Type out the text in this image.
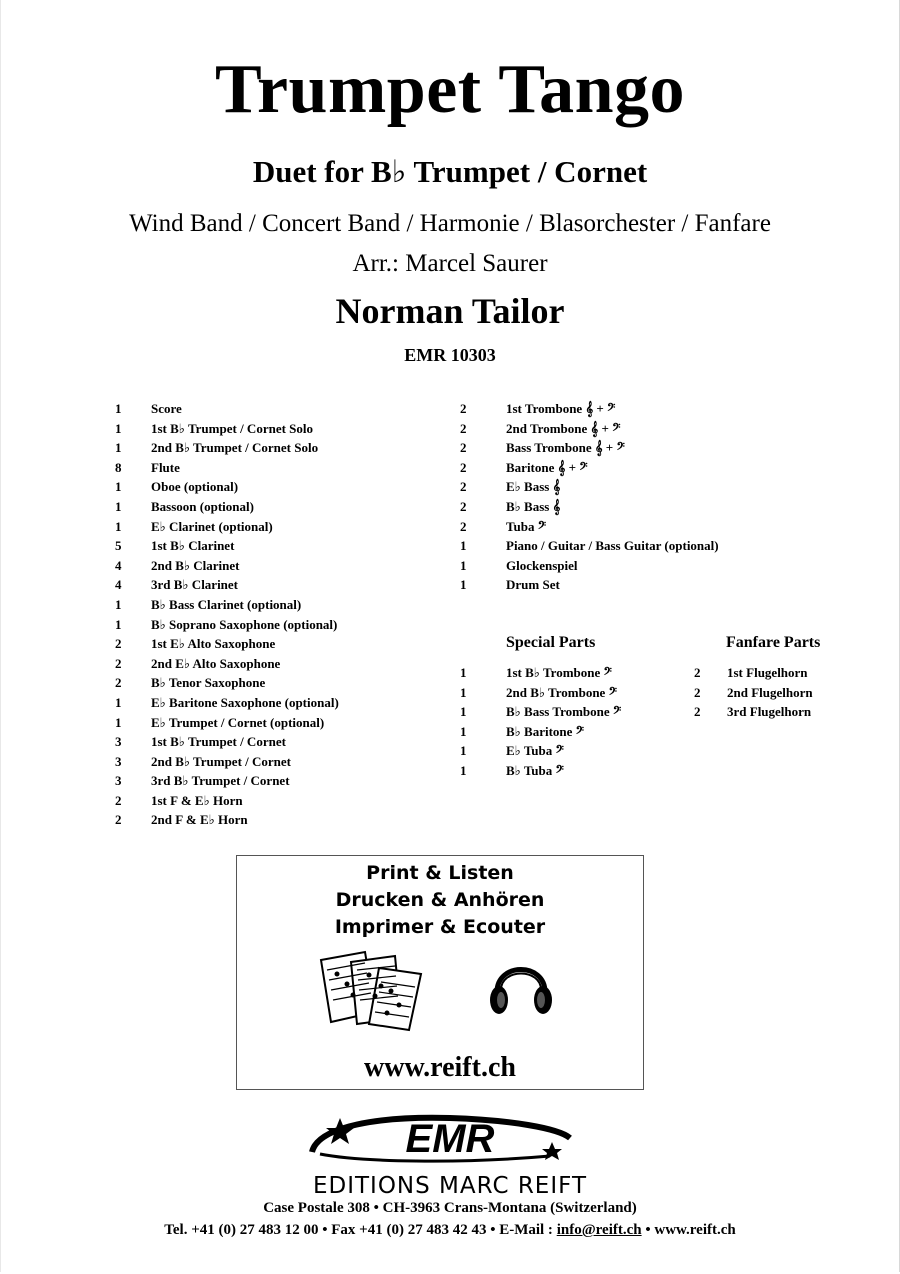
Trumpet Tango
Duet for B♭ Trumpet / Cornet
Wind Band / Concert Band / Harmonie / Blasorchester / Fanfare
Arr.: Marcel Saurer
Norman Tailor
EMR 10303
1 Score
1 1st B♭ Trumpet / Cornet Solo
1 2nd B♭ Trumpet / Cornet Solo
8 Flute
1 Oboe (optional)
1 Bassoon (optional)
1 E♭ Clarinet (optional)
5 1st B♭ Clarinet
4 2nd B♭ Clarinet
4 3rd B♭ Clarinet
1 B♭ Bass Clarinet (optional)
1 B♭ Soprano Saxophone (optional)
2 1st E♭ Alto Saxophone
2 2nd E♭ Alto Saxophone
2 B♭ Tenor Saxophone
1 E♭ Baritone Saxophone (optional)
1 E♭ Trumpet / Cornet (optional)
3 1st B♭ Trumpet / Cornet
3 2nd B♭ Trumpet / Cornet
3 3rd B♭ Trumpet / Cornet
2 1st F & E♭ Horn
2 2nd F & E♭ Horn
2	1st Trombone 𝄞 + 𝄢
2	2nd Trombone 𝄞 + 𝄢
2	Bass Trombone 𝄞 + 𝄢
2	Baritone 𝄞 + 𝄢
2	E♭ Bass 𝄞
2	B♭ Bass 𝄞
2	Tuba 𝄢
1	Piano / Guitar / Bass Guitar (optional)
1	Glockenspiel
1	Drum Set
Special Parts	Fanfare Parts
1	1st B♭ Trombone 𝄢
1	2nd B♭ Trombone 𝄢
1	B♭ Bass Trombone 𝄢
1	B♭ Baritone 𝄢
1	E♭ Tuba 𝄢
1	B♭ Tuba 𝄢
2 1st Flugelhorn
2 2nd Flugelhorn
2 3rd Flugelhorn
Print & Listen
Drucken & Anhören
Imprimer & Ecouter
www.reift.ch
EMR
EDITIONS MARC REIFT
Case Postale 308 • CH-3963 Crans-Montana (Switzerland)
Tel. +41 (0) 27 483 12 00 • Fax +41 (0) 27 483 42 43 • E-Mail : info@reift.ch • www.reift.ch
